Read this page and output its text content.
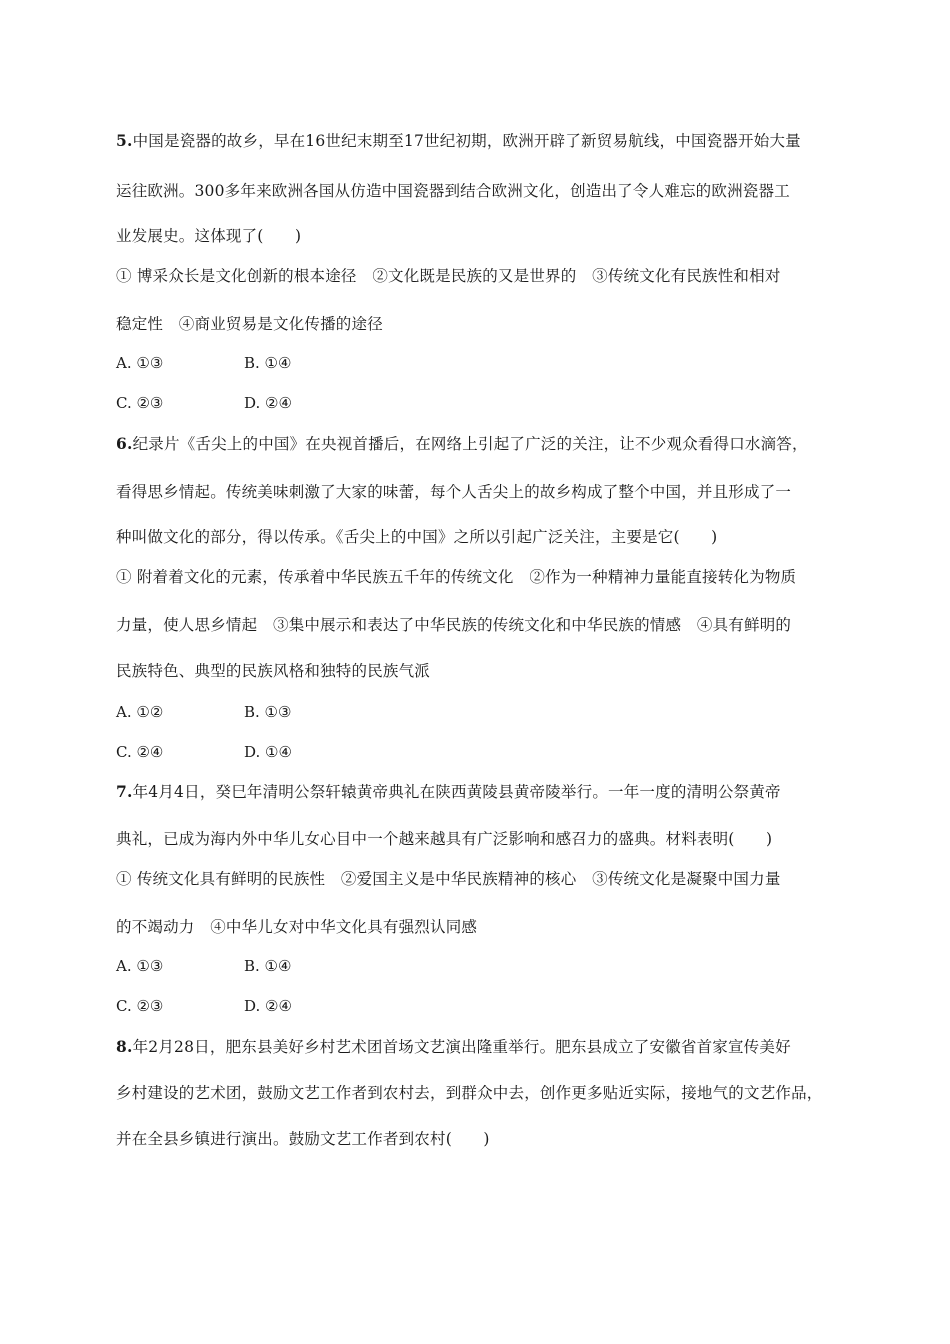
5.中国是瓷器的故乡，早在16世纪末期至17世纪初期，欧洲开辟了新贸易航线，中国瓷器开始大量
运往欧洲。300多年来欧洲各国从仿造中国瓷器到结合欧洲文化，创造出了令人难忘的欧洲瓷器工
业发展史。这体现了(　　)
① 博采众长是文化创新的根本途径　②文化既是民族的又是世界的　③传统文化有民族性和相对
稳定性　④商业贸易是文化传播的途径
A. ①③	B. ①④
C. ②③	D. ②④
6.纪录片《舌尖上的中国》在央视首播后，在网络上引起了广泛的关注，让不少观众看得口水滴答，
看得思乡情起。传统美味刺激了大家的味蕾，每个人舌尖上的故乡构成了整个中国，并且形成了一
种叫做文化的部分，得以传承。《舌尖上的中国》之所以引起广泛关注，主要是它(　　)
① 附着着文化的元素，传承着中华民族五千年的传统文化　②作为一种精神力量能直接转化为物质
力量，使人思乡情起　③集中展示和表达了中华民族的传统文化和中华民族的情感　④具有鲜明的
民族特色、典型的民族风格和独特的民族气派
A. ①②	B. ①③
C. ②④	D. ①④
7.年4月4日，癸巳年清明公祭轩辕黄帝典礼在陕西黄陵县黄帝陵举行。一年一度的清明公祭黄帝
典礼，已成为海内外中华儿女心目中一个越来越具有广泛影响和感召力的盛典。材料表明(　　)
① 传统文化具有鲜明的民族性　②爱国主义是中华民族精神的核心　③传统文化是凝聚中国力量
的不竭动力　④中华儿女对中华文化具有强烈认同感
A. ①③	B. ①④
C. ②③	D. ②④
8.年2月28日，肥东县美好乡村艺术团首场文艺演出隆重举行。肥东县成立了安徽省首家宣传美好
乡村建设的艺术团，鼓励文艺工作者到农村去，到群众中去，创作更多贴近实际，接地气的文艺作品，
并在全县乡镇进行演出。鼓励文艺工作者到农村(　　)
